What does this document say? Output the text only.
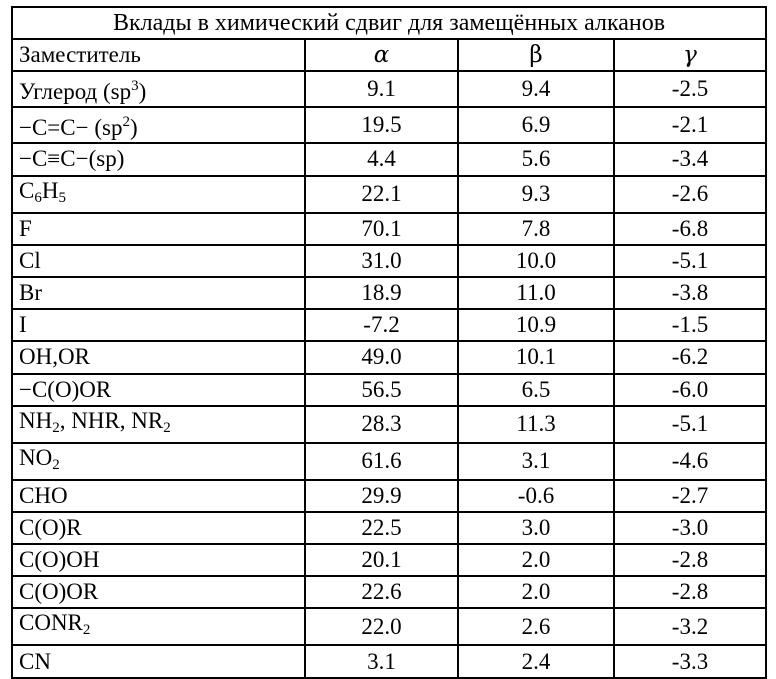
Вклады в химический сдвиг для замещённых алканов			
Заместитель	α	β	γ
Углерод $(sp^3)$	9.1	9.4	-2.5
$-C=C- (sp^2)$	19.5	6.9	-2.1
−C≡C−(sp)	4.4	5.6	-3.4
C6H5	22.1	9.3	-2.6
F	70.1	7.8	-6.8
Cl	31.0	10.0	-5.1
Br	18.9	11.0	-3.8
I	-7.2	10.9	-1.5
OH,OR	49.0	10.1	-6.2
−C(O)OR	56.5	6.5	-6.0
NH2, NHR, NR2	28.3	11.3	-5.1
NO2	61.6	3.1	-4.6
CHO	29.9	-0.6	-2.7
C(O)R	22.5	3.0	-3.0
C(O)OH	20.1	2.0	-2.8
C(O)OR	22.6	2.0	-2.8
CONR2	22.0	2.6	-3.2
CN	3.1	2.4	-3.3
